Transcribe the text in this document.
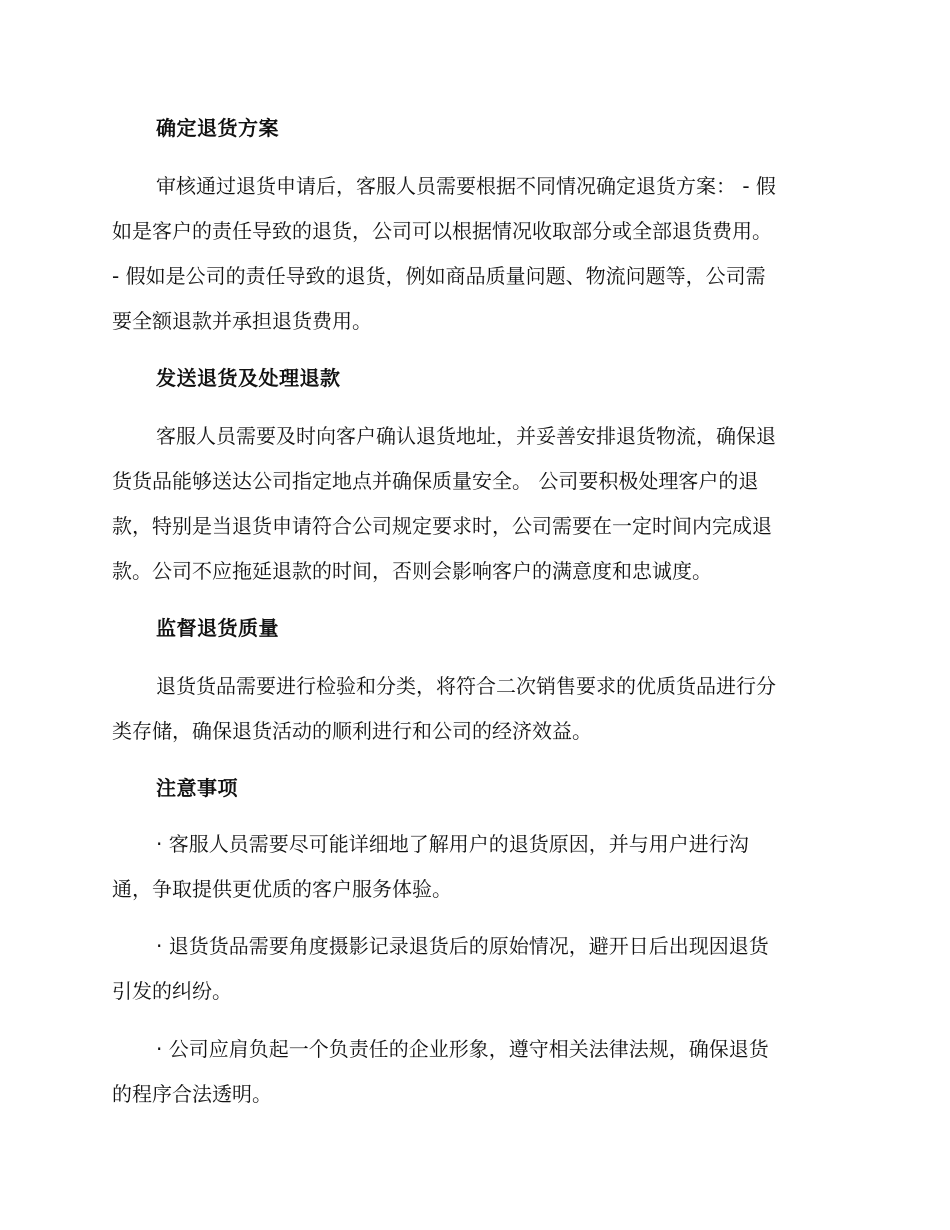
确定退货方案
审核通过退货申请后，客服人员需要根据不同情况确定退货方案： - 假
如是客户的责任导致的退货，公司可以根据情况收取部分或全部退货费用。
- 假如是公司的责任导致的退货，例如商品质量问题、物流问题等，公司需
要全额退款并承担退货费用。
发送退货及处理退款
客服人员需要及时向客户确认退货地址，并妥善安排退货物流，确保退
货货品能够送达公司指定地点并确保质量安全。 公司要积极处理客户的退
款，特别是当退货申请符合公司规定要求时，公司需要在一定时间内完成退
款。公司不应拖延退款的时间，否则会影响客户的满意度和忠诚度。
监督退货质量
退货货品需要进行检验和分类，将符合二次销售要求的优质货品进行分
类存储，确保退货活动的顺利进行和公司的经济效益。
注意事项
· 客服人员需要尽可能详细地了解用户的退货原因，并与用户进行沟
通，争取提供更优质的客户服务体验。
· 退货货品需要角度摄影记录退货后的原始情况，避开日后出现因退货
引发的纠纷。
· 公司应肩负起一个负责任的企业形象，遵守相关法律法规，确保退货
的程序合法透明。
